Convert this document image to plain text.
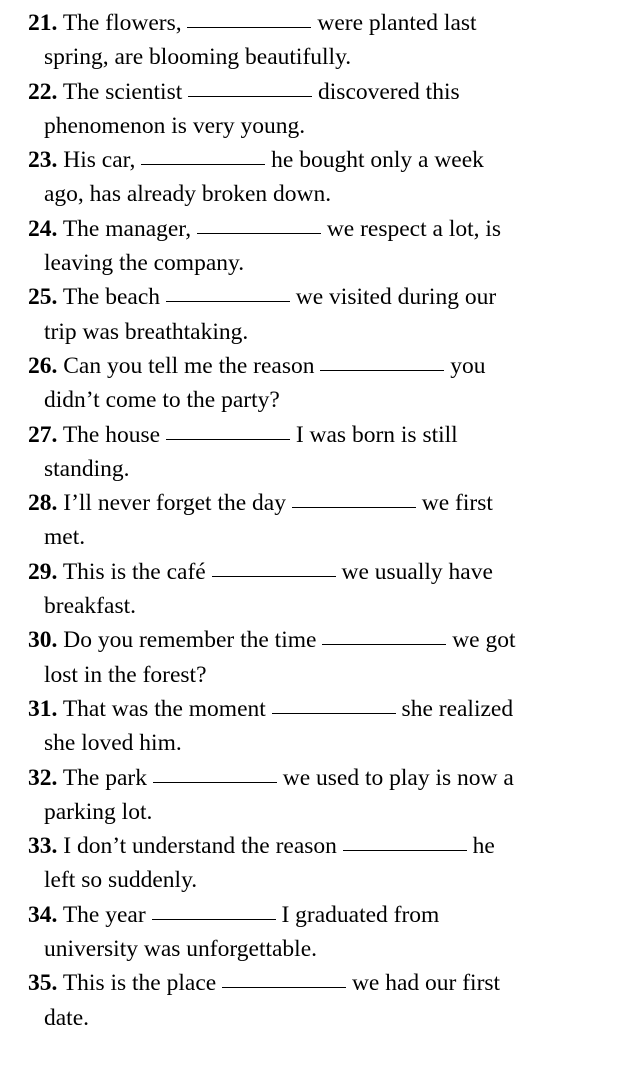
21. The flowers,	were planted last
spring, are blooming beautifully.

22. The scientist	discovered this
phenomenon is very young.

23. His car,	he bought only a week
ago, has already broken down.

24. The manager,	we respect a lot, is
leaving the company.

25. The beach	we visited during our
trip was breathtaking.

26. Can you tell me the reason	you
didn’t come to the party?

27. The house	I was born is still
standing.

28. I’ll never forget the day	we first
met.

29. This is the café	we usually have
breakfast.

30. Do you remember the time	we got
lost in the forest?

31. That was the moment	she realized
she loved him.

32. The park	we used to play is now a
parking lot.

33. I don’t understand the reason	he
left so suddenly.

34. The year	I graduated from
university was unforgettable.

35. This is the place	we had our first
date.
